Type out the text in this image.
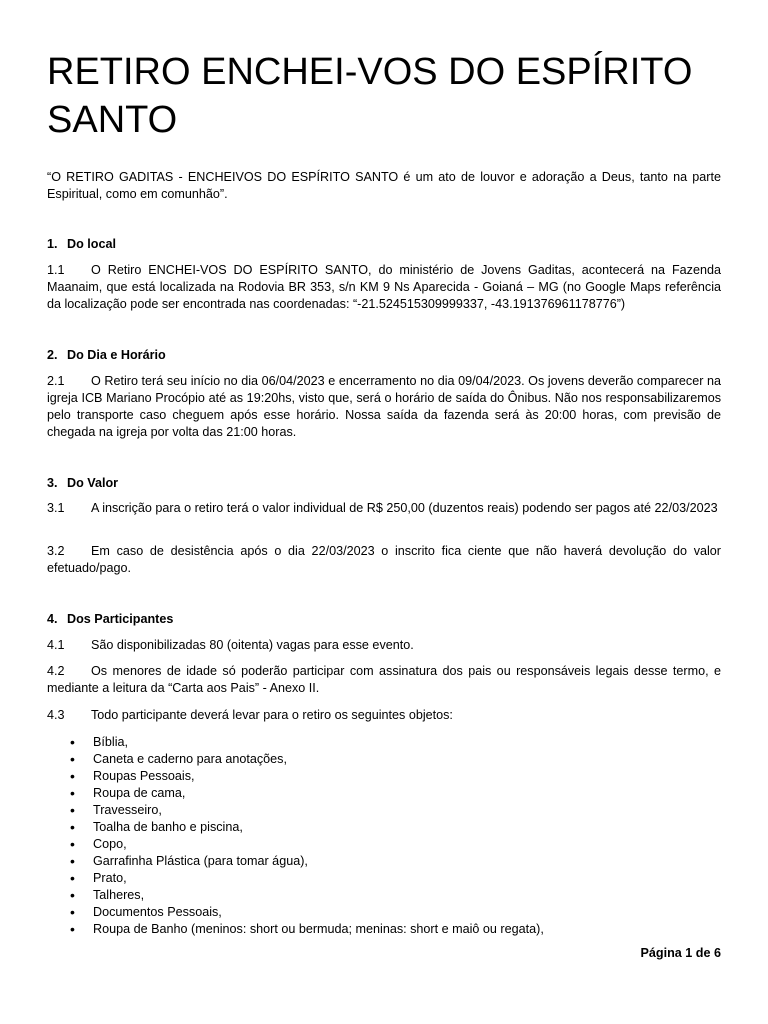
RETIRO ENCHEI-VOS DO ESPÍRITO SANTO

“O RETIRO GADITAS - ENCHEIVOS DO ESPÍRITO SANTO é um ato de louvor e adoração a Deus, tanto na parte Espiritual, como em comunhão”.

1. Do local

1.1 O Retiro ENCHEI-VOS DO ESPÍRITO SANTO, do ministério de Jovens Gaditas, acontecerá na Fazenda Maanaim, que está localizada na Rodovia BR 353, s/n KM 9 Ns Aparecida - Goianá – MG (no Google Maps referência da localização pode ser encontrada nas coordenadas: “-21.524515309999337, -43.191376961178776”)

2. Do Dia e Horário

2.1 O Retiro terá seu início no dia 06/04/2023 e encerramento no dia 09/04/2023. Os jovens deverão comparecer na igreja ICB Mariano Procópio até as 19:20hs, visto que, será o horário de saída do Ônibus. Não nos responsabilizaremos pelo transporte caso cheguem após esse horário. Nossa saída da fazenda será às 20:00 horas, com previsão de chegada na igreja por volta das 21:00 horas.

3. Do Valor

3.1 A inscrição para o retiro terá o valor individual de R$ 250,00 (duzentos reais) podendo ser pagos até 22/03/2023

3.2 Em caso de desistência após o dia 22/03/2023 o inscrito fica ciente que não haverá devolução do valor efetuado/pago.

4. Dos Participantes

4.1 São disponibilizadas 80 (oitenta) vagas para esse evento.

4.2 Os menores de idade só poderão participar com assinatura dos pais ou responsáveis legais desse termo, e mediante a leitura da “Carta aos Pais” - Anexo II.

4.3 Todo participante deverá levar para o retiro os seguintes objetos:

• Bíblia,
• Caneta e caderno para anotações,
• Roupas Pessoais,
• Roupa de cama,
• Travesseiro,
• Toalha de banho e piscina,
• Copo,
• Garrafinha Plástica (para tomar água),
• Prato,
• Talheres,
• Documentos Pessoais,
• Roupa de Banho (meninos: short ou bermuda; meninas: short e maiô ou regata),
Página 1 de 6
